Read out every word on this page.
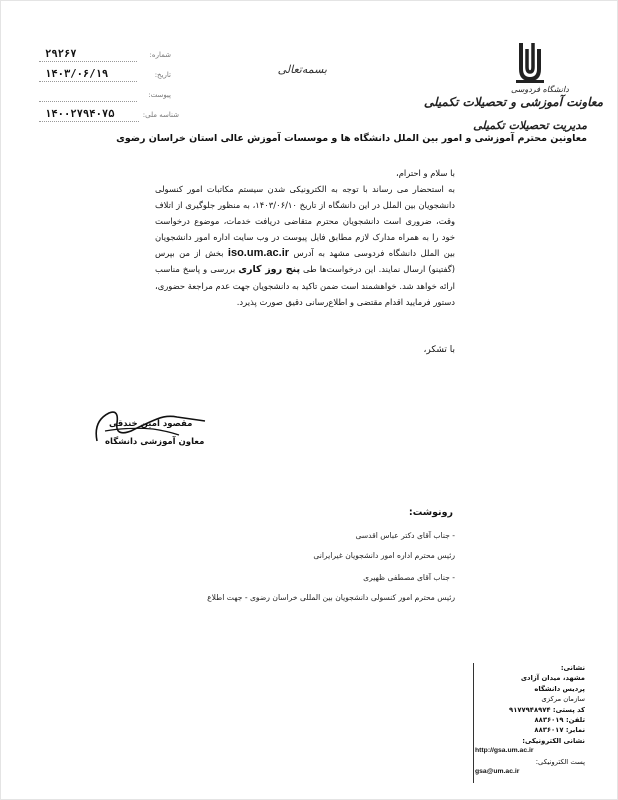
شماره:
۲۹۲۶۷
تاریخ:
۱۴۰۳/۰۶/۱۹
پیوست:
شناسه ملی:
۱۴۰۰۲۷۹۴۰۷۵
بسمه‌تعالی
دانشگاه فردوسی
معاونت آموزشی و تحصیلات تکمیلی
مدیریت تحصیلات تکمیلی
معاونین محترم آموزشی و امور بین الملل دانشگاه ها و موسسات آموزش عالی استان خراسان رضوی

با سلام و احترام،

به استحضار می رساند با توجه به الکترونیکی شدن سیستم مکاتبات امور کنسولی دانشجویان بین الملل در این دانشگاه از تاریخ ۱۴۰۳/۰۶/۱۰، به منظور جلوگیری از اتلاف وقت، ضروری است دانشجویان محترم متقاضی دریافت خدمات، موضوع درخواست خود را به همراه مدارک لازم مطابق فایل پیوست در وب سایت اداره امور دانشجویان بین الملل دانشگاه فردوسی مشهد به آدرس iso.um.ac.ir بخش از من بپرس (گفتینو) ارسال نمایند. این درخواست‌ها طی پنج روز کاری بررسی و پاسخ مناسب ارائه خواهد شد. خواهشمند است ضمن تاکید به دانشجویان جهت عدم مراجعة حضوری، دستور فرمایید اقدام مقتضی و اطلاع‌رسانی دقیق صورت پذیرد.

با تشکر،
مقصود امین خندقی
معاون آموزشی دانشگاه
رونوشت:
- جناب آقای دکتر عباس اقدسی
رئیس محترم اداره امور دانشجویان غیرایرانی
- جناب آقای مصطفی ظهیری
رئیس محترم امور کنسولی دانشجویان بین المللی خراسان رضوی - جهت اطلاع
نشانی:
مشهد، میدان آزادی
پردیس دانشگاه
سازمان مرکزی
کد پستی: ۹۱۷۷۹۴۸۹۷۴
تلفن: ۸۸۳۶۰۱۹
نمابر: ۸۸۳۶۰۱۷
نشانی الکترونیکی:
http://gsa.um.ac.ir
پست الکترونیکی:
gsa@um.ac.ir
